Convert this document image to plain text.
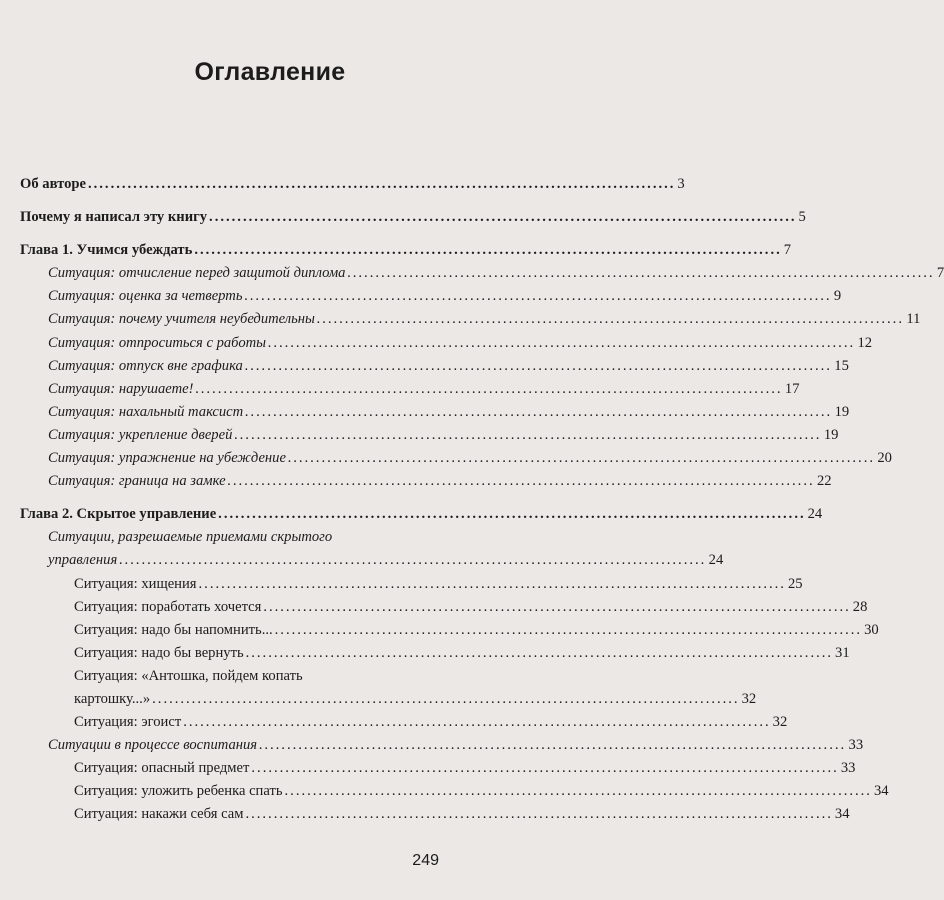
Оглавление
Об авторе ........................................................................................................ 3
Почему я написал эту книгу ........................................................................................................ 5
Глава 1. Учимся убеждать ........................................................................................................ 7
Ситуация: отчисление перед защитой диплома ........................................................................................................ 7
Ситуация: оценка за четверть ........................................................................................................ 9
Ситуация: почему учителя неубедительны ........................................................................................................ 11
Ситуация: отпроситься с работы ........................................................................................................ 12
Ситуация: отпуск вне графика ........................................................................................................ 15
Ситуация: нарушаете! ........................................................................................................ 17
Ситуация: нахальный таксист ........................................................................................................ 19
Ситуация: укрепление дверей ........................................................................................................ 19
Ситуация: упражнение на убеждение ........................................................................................................ 20
Ситуация: граница на замке ........................................................................................................ 22
Глава 2. Скрытое управление ........................................................................................................ 24
Ситуации, разрешаемые приемами скрытого
управления ........................................................................................................ 24
Ситуация: хищения ........................................................................................................ 25
Ситуация: поработать хочется ........................................................................................................ 28
Ситуация: надо бы напомнить... ........................................................................................................ 30
Ситуация: надо бы вернуть ........................................................................................................ 31
Ситуация: «Антошка, пойдем копать
картошку...» ........................................................................................................ 32
Ситуация: эгоист ........................................................................................................ 32
Ситуации в процессе воспитания ........................................................................................................ 33
Ситуация: опасный предмет ........................................................................................................ 33
Ситуация: уложить ребенка спать ........................................................................................................ 34
Ситуация: накажи себя сам ........................................................................................................ 34
249
